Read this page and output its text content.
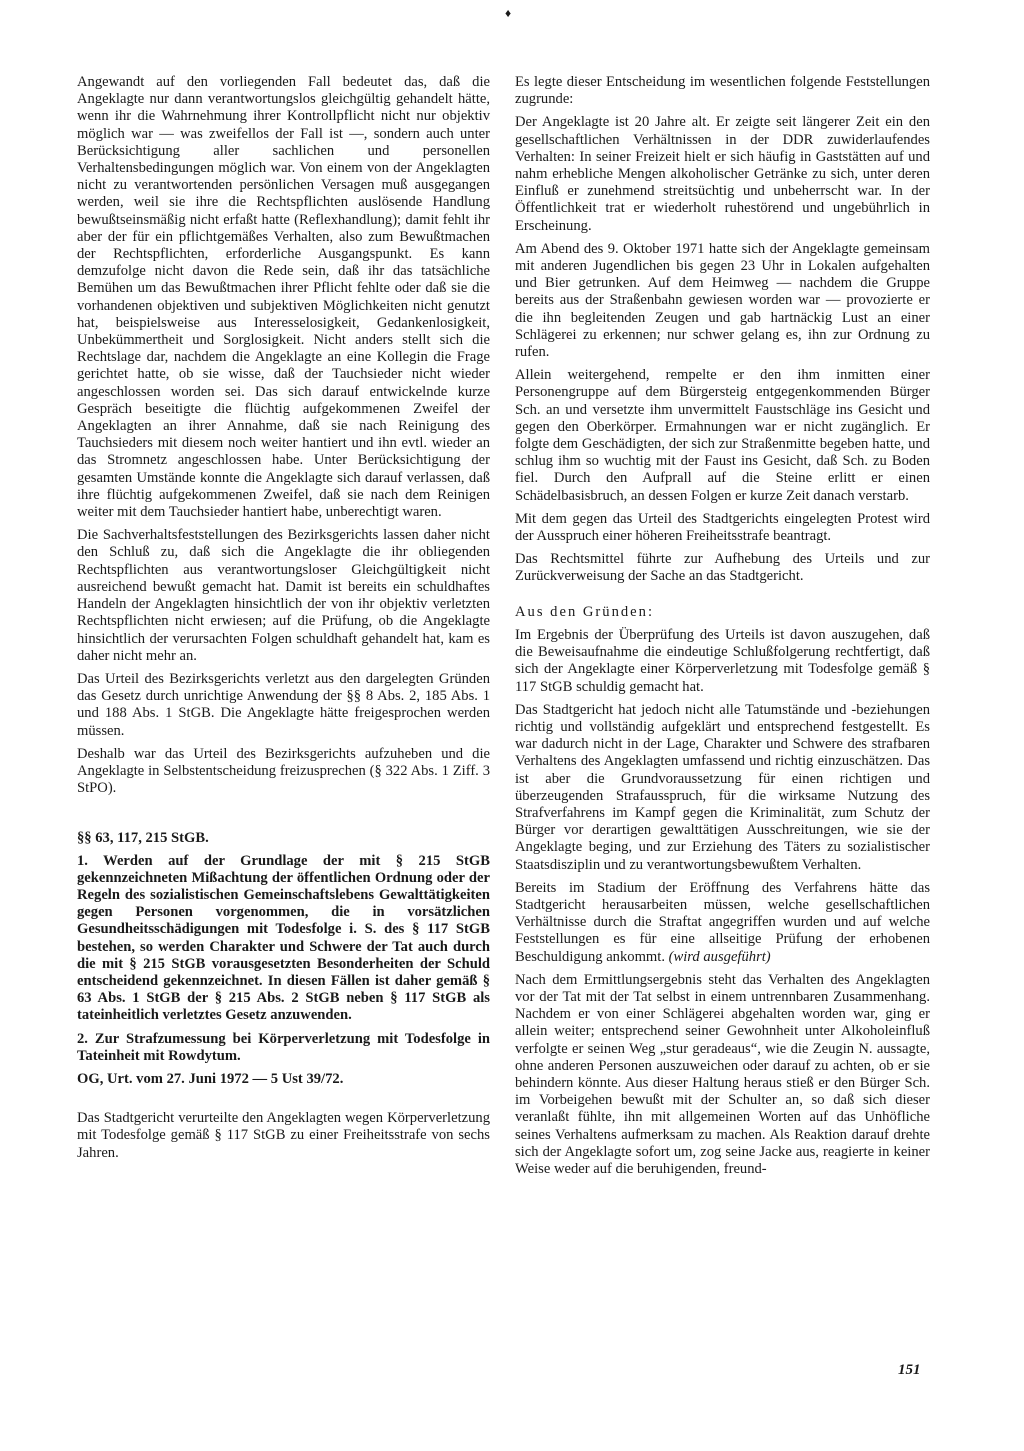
♦

Angewandt auf den vorliegenden Fall bedeutet das, daß die Angeklagte nur dann verantwortungslos gleichgültig gehandelt hätte, wenn ihr die Wahrnehmung ihrer Kontrollpflicht nicht nur objektiv möglich war — was zweifellos der Fall ist —, sondern auch unter Berücksichtigung aller sachlichen und personellen Verhaltensbedingungen möglich war. Von einem von der Angeklagten nicht zu verantwortenden persönlichen Versagen muß ausgegangen werden, weil sie ihre die Rechtspflichten auslösende Handlung bewußtseinsmäßig nicht erfaßt hatte (Reflexhandlung); damit fehlt ihr aber der für ein pflichtgemäßes Verhalten, also zum Bewußtmachen der Rechtspflichten, erforderliche Ausgangspunkt. Es kann demzufolge nicht davon die Rede sein, daß ihr das tatsächliche Bemühen um das Bewußtmachen ihrer Pflicht fehlte oder daß sie die vorhandenen objektiven und subjektiven Möglichkeiten nicht genutzt hat, beispielsweise aus Interesselosigkeit, Gedankenlosigkeit, Unbekümmertheit und Sorglosigkeit. Nicht anders stellt sich die Rechtslage dar, nachdem die Angeklagte an eine Kollegin die Frage gerichtet hatte, ob sie wisse, daß der Tauchsieder nicht wieder angeschlossen worden sei. Das sich darauf entwickelnde kurze Gespräch beseitigte die flüchtig aufgekommenen Zweifel der Angeklagten an ihrer Annahme, daß sie nach Reinigung des Tauchsieders mit diesem noch weiter hantiert und ihn evtl. wieder an das Stromnetz angeschlossen habe. Unter Berücksichtigung der gesamten Umstände konnte die Angeklagte sich darauf verlassen, daß ihre flüchtig aufgekommenen Zweifel, daß sie nach dem Reinigen weiter mit dem Tauchsieder hantiert habe, unberechtigt waren.

Die Sachverhaltsfeststellungen des Bezirksgerichts lassen daher nicht den Schluß zu, daß sich die Angeklagte die ihr obliegenden Rechtspflichten aus verantwortungsloser Gleichgültigkeit nicht ausreichend bewußt gemacht hat. Damit ist bereits ein schuldhaftes Handeln der Angeklagten hinsichtlich der von ihr objektiv verletzten Rechtspflichten nicht erwiesen; auf die Prüfung, ob die Angeklagte hinsichtlich der verursachten Folgen schuldhaft gehandelt hat, kam es daher nicht mehr an.

Das Urteil des Bezirksgerichts verletzt aus den dargelegten Gründen das Gesetz durch unrichtige Anwendung der §§ 8 Abs. 2, 185 Abs. 1 und 188 Abs. 1 StGB. Die Angeklagte hätte freigesprochen werden müssen.

Deshalb war das Urteil des Bezirksgerichts aufzuheben und die Angeklagte in Selbstentscheidung freizusprechen (§ 322 Abs. 1 Ziff. 3 StPO).

§§ 63, 117, 215 StGB.

1. Werden auf der Grundlage der mit § 215 StGB gekennzeichneten Mißachtung der öffentlichen Ordnung oder der Regeln des sozialistischen Gemeinschaftslebens Gewalttätigkeiten gegen Personen vorgenommen, die in vorsätzlichen Gesundheitsschädigungen mit Todesfolge i. S. des § 117 StGB bestehen, so werden Charakter und Schwere der Tat auch durch die mit § 215 StGB vorausgesetzten Besonderheiten der Schuld entscheidend gekennzeichnet. In diesen Fällen ist daher gemäß § 63 Abs. 1 StGB der § 215 Abs. 2 StGB neben § 117 StGB als tateinheitlich verletztes Gesetz anzuwenden.

2. Zur Strafzumessung bei Körperverletzung mit Todesfolge in Tateinheit mit Rowdytum.

OG, Urt. vom 27. Juni 1972 — 5 Ust 39/72.

Das Stadtgericht verurteilte den Angeklagten wegen Körperverletzung mit Todesfolge gemäß § 117 StGB zu einer Freiheitsstrafe von sechs Jahren.

Es legte dieser Entscheidung im wesentlichen folgende Feststellungen zugrunde:

Der Angeklagte ist 20 Jahre alt. Er zeigte seit längerer Zeit ein den gesellschaftlichen Verhältnissen in der DDR zuwiderlaufendes Verhalten: In seiner Freizeit hielt er sich häufig in Gaststätten auf und nahm erhebliche Mengen alkoholischer Getränke zu sich, unter deren Einfluß er zunehmend streitsüchtig und unbeherrscht war. In der Öffentlichkeit trat er wiederholt ruhestörend und ungebührlich in Erscheinung.

Am Abend des 9. Oktober 1971 hatte sich der Angeklagte gemeinsam mit anderen Jugendlichen bis gegen 23 Uhr in Lokalen aufgehalten und Bier getrunken. Auf dem Heimweg — nachdem die Gruppe bereits aus der Straßenbahn gewiesen worden war — provozierte er die ihn begleitenden Zeugen und gab hartnäckig Lust an einer Schlägerei zu erkennen; nur schwer gelang es, ihn zur Ordnung zu rufen.

Allein weitergehend, rempelte er den ihm inmitten einer Personengruppe auf dem Bürgersteig entgegenkommenden Bürger Sch. an und versetzte ihm unvermittelt Faustschläge ins Gesicht und gegen den Oberkörper. Ermahnungen war er nicht zugänglich. Er folgte dem Geschädigten, der sich zur Straßenmitte begeben hatte, und schlug ihm so wuchtig mit der Faust ins Gesicht, daß Sch. zu Boden fiel. Durch den Aufprall auf die Steine erlitt er einen Schädelbasisbruch, an dessen Folgen er kurze Zeit danach verstarb.

Mit dem gegen das Urteil des Stadtgerichts eingelegten Protest wird der Ausspruch einer höheren Freiheitsstrafe beantragt.

Das Rechtsmittel führte zur Aufhebung des Urteils und zur Zurückverweisung der Sache an das Stadtgericht.

Aus den Gründen:

Im Ergebnis der Überprüfung des Urteils ist davon auszugehen, daß die Beweisaufnahme die eindeutige Schlußfolgerung rechtfertigt, daß sich der Angeklagte einer Körperverletzung mit Todesfolge gemäß § 117 StGB schuldig gemacht hat.

Das Stadtgericht hat jedoch nicht alle Tatumstände und -beziehungen richtig und vollständig aufgeklärt und entsprechend festgestellt. Es war dadurch nicht in der Lage, Charakter und Schwere des strafbaren Verhaltens des Angeklagten umfassend und richtig einzuschätzen. Das ist aber die Grundvoraussetzung für einen richtigen und überzeugenden Strafausspruch, für die wirksame Nutzung des Strafverfahrens im Kampf gegen die Kriminalität, zum Schutz der Bürger vor derartigen gewalttätigen Ausschreitungen, wie sie der Angeklagte beging, und zur Erziehung des Täters zu sozialistischer Staatsdisziplin und zu verantwortungsbewußtem Verhalten.

Bereits im Stadium der Eröffnung des Verfahrens hätte das Stadtgericht herausarbeiten müssen, welche gesellschaftlichen Verhältnisse durch die Straftat angegriffen wurden und auf welche Feststellungen es für eine allseitige Prüfung der erhobenen Beschuldigung ankommt. (wird ausgeführt)

Nach dem Ermittlungsergebnis steht das Verhalten des Angeklagten vor der Tat mit der Tat selbst in einem untrennbaren Zusammenhang. Nachdem er von einer Schlägerei abgehalten worden war, ging er allein weiter; entsprechend seiner Gewohnheit unter Alkoholeinfluß verfolgte er seinen Weg „stur geradeaus“, wie die Zeugin N. aussagte, ohne anderen Personen auszuweichen oder darauf zu achten, ob er sie behindern könnte. Aus dieser Haltung heraus stieß er den Bürger Sch. im Vorbeigehen bewußt mit der Schulter an, so daß sich dieser veranlaßt fühlte, ihn mit allgemeinen Worten auf das Unhöfliche seines Verhaltens aufmerksam zu machen. Als Reaktion darauf drehte sich der Angeklagte sofort um, zog seine Jacke aus, reagierte in keiner Weise weder auf die beruhigenden, freund-

151
